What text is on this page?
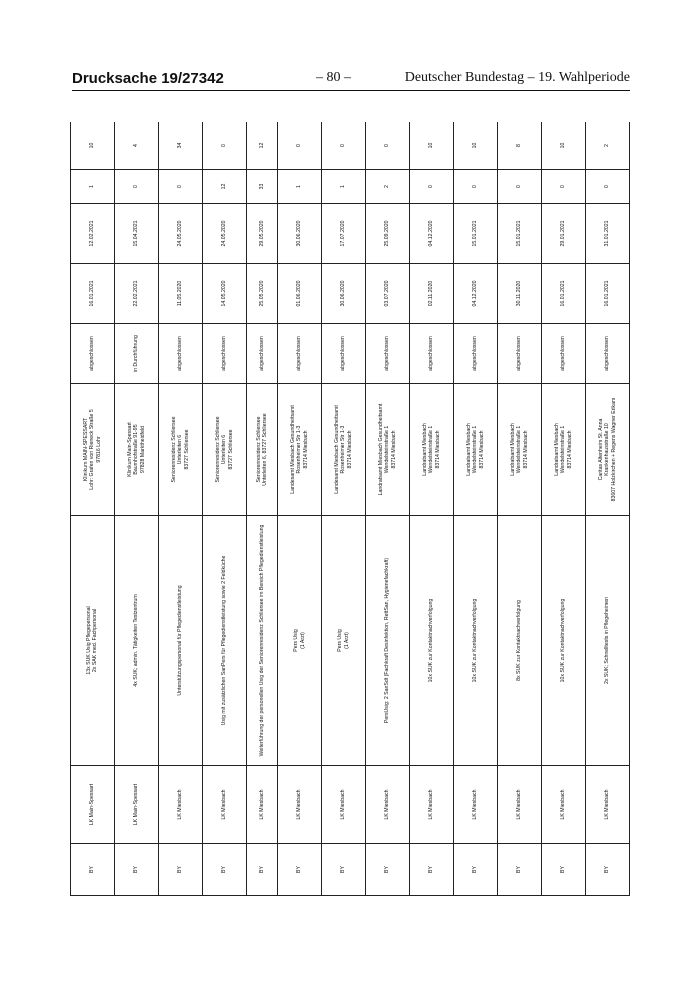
Drucksache 19/27342	– 80 –	Deutscher Bundestag – 19. Wahlperiode
BY	LK Main-Spessart	13x SUK Usig Pflegepersonal
2x SAK med. Fachpersonal	Klinikum MAIN-SPESSART
Lohr: Grafen von Rieneck Straße 5
97816 Lohr	abgeschlossen	16.01.2021	12.02.2021	1	10
BY	LK Main-Spessart	4x SUK; admin. Tätigkeiten Testzentrum	Klinikum Main-Spessart
Baumhofstraße 91-95
97828 Marktheidfeld	in Durchführung	22.02.2021	15.04.2021	0	4
BY	LK Miesbach	Unterstützungspersonal für Pflegedienstleistung	Seniorenresidenz Schliersee
Unterleiten 6
83727 Schliersee	abgeschlossen	11.05.2020	24.05.2020	0	34
BY	LK Miesbach	Usig mit zusätzlichen SanPers für Pflegedienstleistung sowie 2 Feldküche	Seniorenresidenz Schliersee
Unterleiten 6
83727 Schliersee	abgeschlossen	14.05.2020	24.05.2020	12	0
BY	LK Miesbach	Weiterführung der personellen Usig der Seniorenresidenz Schliersee im Bereich Pflegedienstleistung	Seniorenresidenz Schliersee
Unterleiten 6, 83727 Schliersee	abgeschlossen	25.05.2020	29.05.2020	33	12
BY	LK Miesbach	Pers Usig
(1 Arzt)	Landesamt Miesbach Gesundheitsamt
Rosenheimer Str 1-3
83714 Miesbach	abgeschlossen	01.06.2020	30.06.2020	1	0
BY	LK Miesbach	Pers Usig
(1 Arzt)	Landesamt Miesbach Gesundheitsamt
Rosenheimer Str 1-3
83714 Miesbach	abgeschlossen	30.06.2020	17.07.2020	1	0
BY	LK Miesbach	PersUsig: 2 SanSdt (Fachkraft Desinfektion, RettSan, Hygienefachkraft)	Landratsamt Miesbach Gesundheitsamt
Wendelsteinstraße 1
83714 Miesbach	abgeschlossen	03.07.2020	25.09.2020	2	0
BY	LK Miesbach	10x SUK zur Kontaktnachverfolgung	Landratsamt Miesbach
Wendelsteinstraße 1
83714 Miesbach	abgeschlossen	02.11.2020	04.12.2020	0	10
BY	LK Miesbach	10x SUK zur Kontaktnachverfolgung	Landratsamt Miesbach
Wendelsteinstraße 1
83714 Miesbach	abgeschlossen	04.12.2020	15.01.2021	0	10
BY	LK Miesbach	8x SUK zur Kontaktnachverfolgung	Landratsamt Miesbach
Wendelsteinstraße 1
83714 Miesbach	abgeschlossen	30.11.2020	15.01.2021	0	8
BY	LK Miesbach	10x SUK zur Kontaktnachverfolgung	Landratsamt Miesbach
Wendelsteinstraße 1
83714 Miesbach	abgeschlossen	16.01.2021	29.01.2021	0	10
BY	LK Miesbach	2x SUK; Schnelltests in Pflegeheimen	Caritas Altenheim St. Anna
Krankenhausstraße 10
83607 Holzkirchen + Regens Wagner Erlkam	abgeschlossen	16.01.2021	31.01.2021	0	2
